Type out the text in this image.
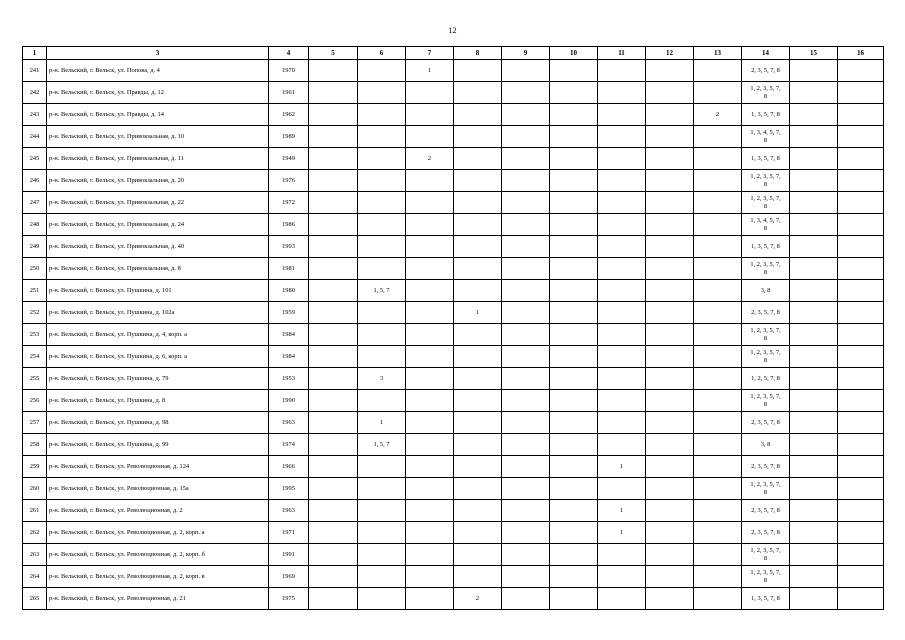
12
1	3	4	5	6	7	8	9	10	11	12	13	14	15	16
241	р-н. Вельский, г. Вельск, ул. Попова, д. 4	1970			1							2, 3, 5, 7, 8		
242	р-н. Вельский, г. Вельск, ул. Правды, д. 12	1961										1, 2, 3, 5, 7, 8		
243	р-н. Вельский, г. Вельск, ул. Правды, д. 14	1962									2	1, 3, 5, 7, 8		
244	р-н. Вельский, г. Вельск, ул. Привокзальная, д. 10	1989										1, 3, 4, 5, 7, 8		
245	р-н. Вельский, г. Вельск, ул. Привокзальная, д. 11	1949			2							1, 3, 5, 7, 8		
246	р-н. Вельский, г. Вельск, ул. Привокзальная, д. 20	1976										1, 2, 3, 5, 7, 8		
247	р-н. Вельский, г. Вельск, ул. Привокзальная, д. 22	1972										1, 2, 3, 5, 7, 8		
248	р-н. Вельский, г. Вельск, ул. Привокзальная, д. 24	1986										1, 3, 4, 5, 7, 8		
249	р-н. Вельский, г. Вельск, ул. Привокзальная, д. 40	1993										1, 3, 5, 7, 8		
250	р-н. Вельский, г. Вельск, ул. Привокзальная, д. 8	1981										1, 2, 3, 5, 7, 8		
251	р-н. Вельский, г. Вельск, ул. Пушкина, д. 101	1980		1, 5, 7								3, 8		
252	р-н. Вельский, г. Вельск, ул. Пушкина, д. 102а	1959				1						2, 3, 5, 7, 8		
253	р-н. Вельский, г. Вельск, ул. Пушкина, д. 4, корп. а	1984										1, 2, 3, 5, 7, 8		
254	р-н. Вельский, г. Вельск, ул. Пушкина, д. 6, корп. а	1984										1, 2, 3, 5, 7, 8		
255	р-н. Вельский, г. Вельск, ул. Пушкина, д. 79	1953		3								1, 2, 5, 7, 8		
256	р-н. Вельский, г. Вельск, ул. Пушкина, д. 8	1990										1, 2, 3, 5, 7, 8		
257	р-н. Вельский, г. Вельск, ул. Пушкина, д. 98	1963		1								2, 3, 5, 7, 8		
258	р-н. Вельский, г. Вельск, ул. Пушкина, д. 99	1974		1, 5, 7								3, 8		
259	р-н. Вельский, г. Вельск, ул. Революционная, д. 124	1966							1			2, 3, 5, 7, 8		
260	р-н. Вельский, г. Вельск, ул. Революционная, д. 15а	1995										1, 2, 3, 5, 7, 8		
261	р-н. Вельский, г. Вельск, ул. Революционная, д. 2	1963							1			2, 3, 5, 7, 8		
262	р-н. Вельский, г. Вельск, ул. Революционная, д. 2, корп. а	1971							1			2, 3, 5, 7, 8		
263	р-н. Вельский, г. Вельск, ул. Революционная, д. 2, корп. б	1991										1, 2, 3, 5, 7, 8		
264	р-н. Вельский, г. Вельск, ул. Революционная, д. 2, корп. в	1969										1, 2, 3, 5, 7, 8		
265	р-н. Вельский, г. Вельск, ул. Революционная, д. 21	1975				2						1, 3, 5, 7, 8		
